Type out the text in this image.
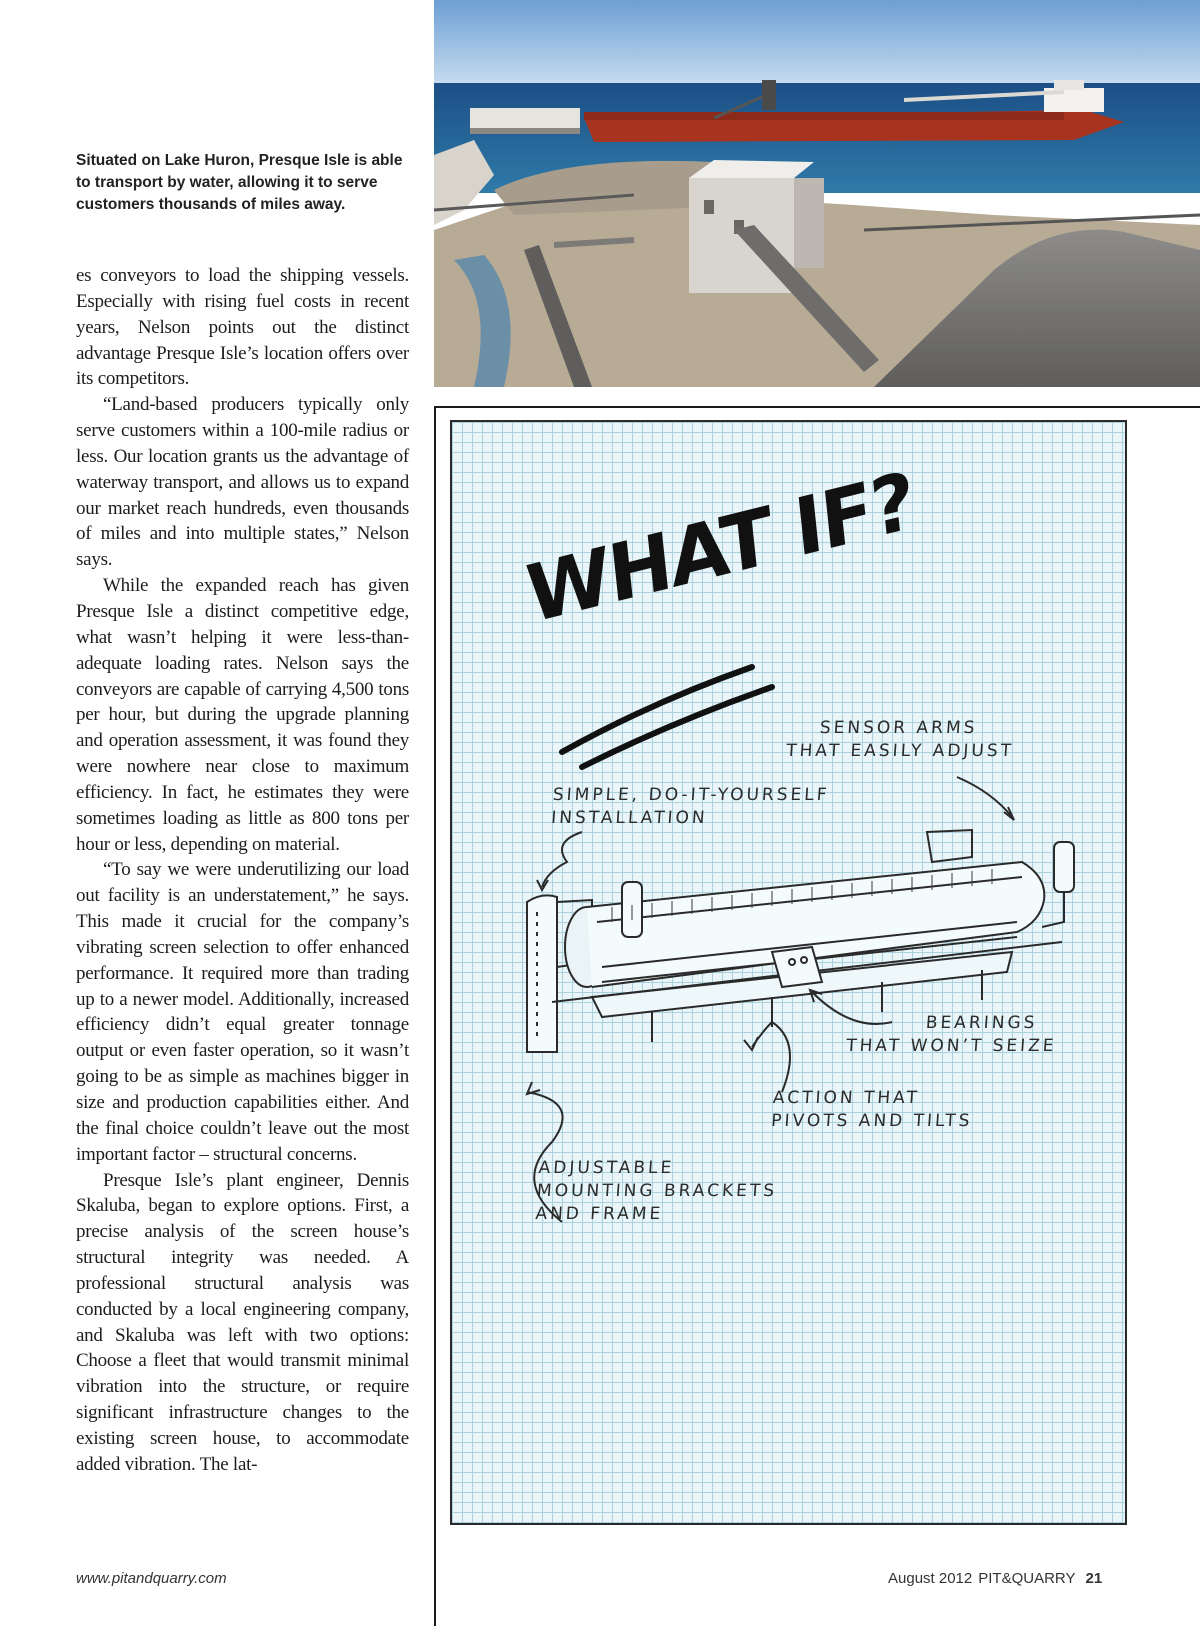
Situated on Lake Huron, Presque Isle is able to transport by water, allowing it to serve customers thousands of miles away.

es conveyors to load the shipping vessels. Especially with rising fuel costs in recent years, Nelson points out the distinct advantage Presque Isle’s location offers over its competitors.

“Land-based producers typically only serve customers within a 100-mile radius or less. Our location grants us the advantage of waterway transport, and allows us to expand our market reach hundreds, even thousands of miles and into multiple states,” Nelson says.

While the expanded reach has given Presque Isle a distinct competitive edge, what wasn’t helping it were less-than-adequate loading rates. Nelson says the conveyors are capable of carrying 4,500 tons per hour, but during the upgrade planning and operation assessment, it was found they were nowhere near close to maximum efficiency. In fact, he estimates they were sometimes loading as little as 800 tons per hour or less, depending on material.

“To say we were underutilizing our load out facility is an understatement,” he says. This made it crucial for the company’s vibrating screen selection to offer enhanced performance. It required more than trading up to a newer model. Additionally, increased efficiency didn’t equal greater tonnage output or even faster operation, so it wasn’t going to be as simple as machines bigger in size and production capabilities either. And the final choice couldn’t leave out the most important factor – structural concerns.

Presque Isle’s plant engineer, Dennis Skaluba, began to explore options. First, a precise analysis of the screen house’s structural integrity was needed. A professional structural analysis was conducted by a local engineering company, and Skaluba was left with two options: Choose a fleet that would transmit minimal vibration into the structure, or require significant infrastructure changes to the existing screen house, to accommodate added vibration. The lat-

WHAT IF?
SENSOR ARMS
THAT EASILY ADJUST
SIMPLE, DO-IT-YOURSELF
INSTALLATION
BEARINGS
THAT WON’T SEIZE
ACTION THAT
PIVOTS AND TILTS
ADJUSTABLE
MOUNTING BRACKETS
AND FRAME
www.pitandquarry.com	August 2012 PIT&QUARRY 21
